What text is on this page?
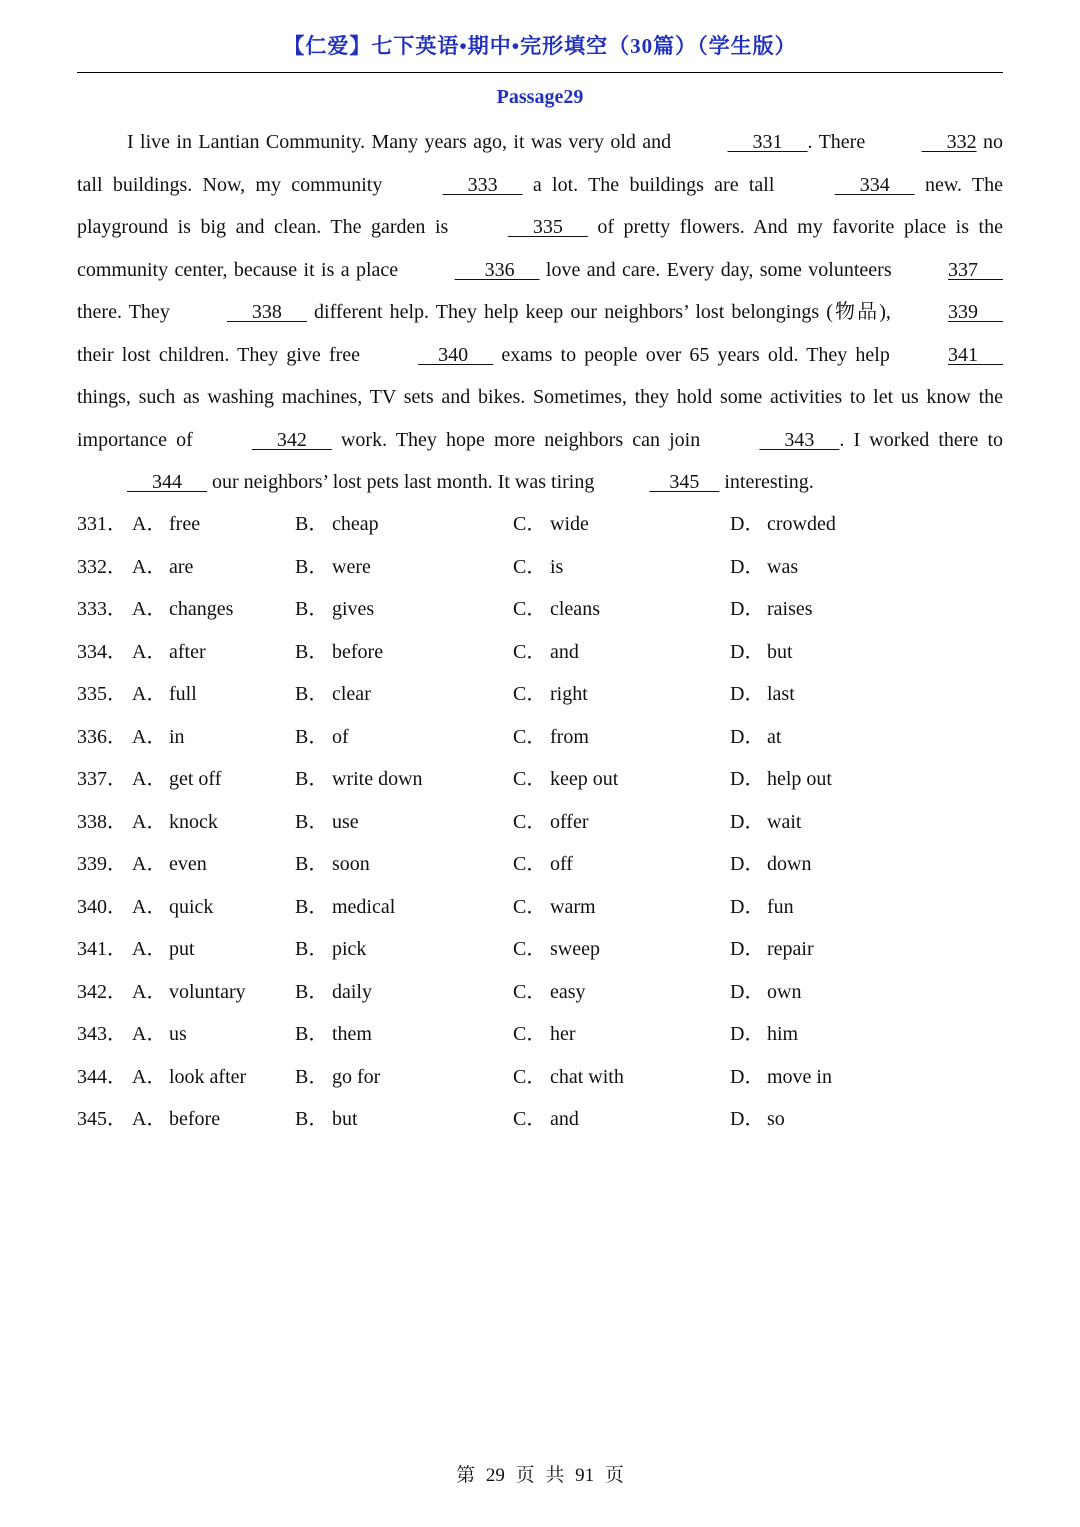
【仁爱】七下英语•期中•完形填空（30篇）（学生版）
Passage29

I live in Lantian Community. Many years ago, it was very old and	331     . There	332 no tall buildings. Now, my community	333      a lot. The buildings are tall	334      new. The playground is big and clean. The garden is	335      of pretty flowers. And my favorite place is the community center, because it is a place	336      love and care. Every day, some volunteers	337      there. They	338      different help. They help keep our neighbors’ lost belongings (物品),	339      their lost children. They give free	340      exams to people over 65 years old. They help	341      things, such as washing machines, TV sets and bikes. Sometimes, they hold some activities to let us know the importance of	342      work. They hope more neighbors can join	343     . I worked there to      344      our neighbors’ lost pets last month. It was tiring	345     interesting.

331． A． free	B． cheap	C． wide	D． crowded
332． A． are	B． were	C． is	D． was
333． A． changes	B． gives	C． cleans	D． raises
334． A． after	B． before	C． and	D． but
335． A． full	B． clear	C． right	D． last
336． A． in	B． of	C． from	D． at
337． A． get off	B． write down	C． keep out	D． help out
338． A． knock	B． use	C． offer	D． wait
339． A． even	B． soon	C． off	D． down
340． A． quick	B． medical	C． warm	D． fun
341． A． put	B． pick	C． sweep	D． repair
342． A． voluntary B． daily	C． easy	D． own
343． A． us	B． them	C． her	D． him
344． A． look after B． go for	C． chat with	D． move in
345． A． before	B． but	C． and	D． so
第 29 页 共 91 页
